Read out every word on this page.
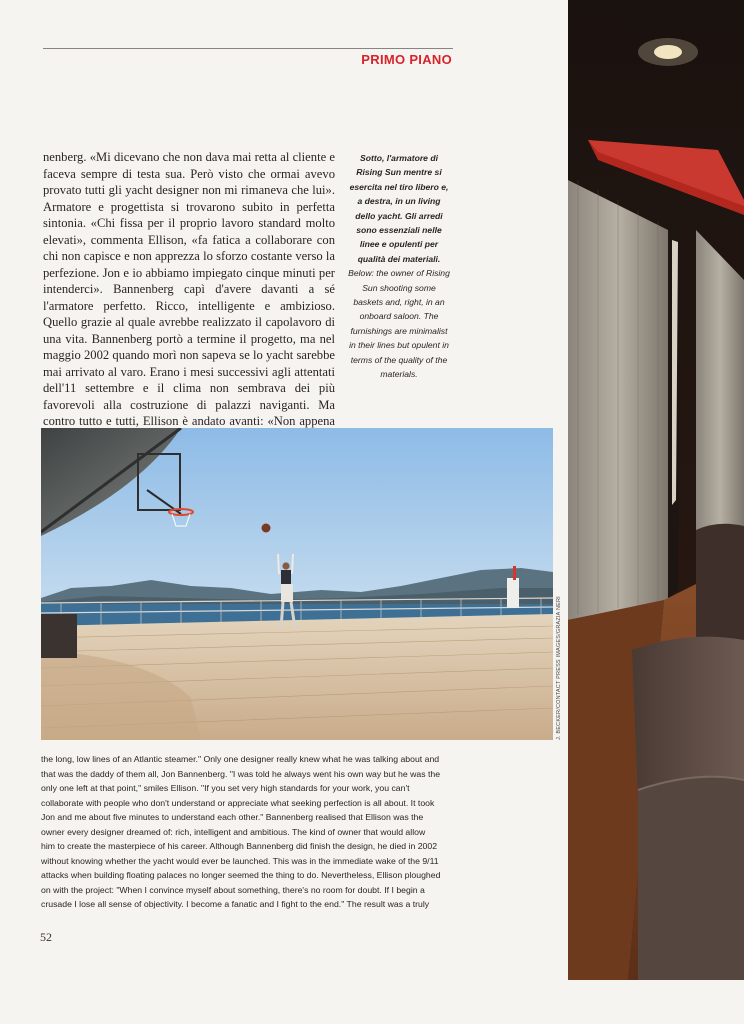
PRIMO PIANO

nenberg. «Mi dicevano che non dava mai retta al cliente e faceva sempre di testa sua. Però visto che ormai avevo provato tutti gli yacht designer non mi rimaneva che lui». Armatore e progettista si trovarono subito in perfetta sintonia. «Chi fissa per il proprio lavoro standard molto elevati», commenta Ellison, «fa fatica a collaborare con chi non capisce e non apprezza lo sforzo costante verso la perfezione. Jon e io abbiamo impiegato cinque minuti per intenderci». Bannenberg capì d'avere davanti a sé l'armatore perfetto. Ricco, intelligente e ambizioso. Quello grazie al quale avrebbe realizzato il capolavoro di una vita. Bannenberg portò a termine il progetto, ma nel maggio 2002 quando morì non sapeva se lo yacht sarebbe mai arrivato al varo. Erano i mesi successivi agli attentati dell'11 settembre e il clima non sembrava dei più favorevoli alla costruzione di palazzi naviganti. Ma contro tutto e tutti, Ellison è andato avanti: «Non appena

Sotto, l'armatore di Rising Sun mentre si esercita nel tiro libero e, a destra, in un living dello yacht. Gli arredi sono essenziali nelle linee e opulenti per qualità dei materiali. Below: the owner of Rising Sun shooting some baskets and, right, in an onboard saloon. The furnishings are minimalist in their lines but opulent in terms of the quality of the materials.
J. BECKER/CONTACT PRESS IMAGES/GRAZIA NERI

the long, low lines of an Atlantic steamer." Only one designer really knew what he was talking about and that was the daddy of them all, Jon Bannenberg. "I was told he always went his own way but he was the only one left at that point," smiles Ellison. "If you set very high standards for your work, you can't collaborate with people who don't understand or appreciate what seeking perfection is all about. It took Jon and me about five minutes to understand each other." Bannenberg realised that Ellison was the owner every designer dreamed of: rich, intelligent and ambitious. The kind of owner that would allow him to create the masterpiece of his career. Although Bannenberg did finish the design, he died in 2002 without knowing whether the yacht would ever be launched. This was in the immediate wake of the 9/11 attacks when building floating palaces no longer seemed the thing to do. Nevertheless, Ellison ploughed on with the project: "When I convince myself about something, there's no room for doubt. If I begin a crusade I lose all sense of objectivity. I become a fanatic and I fight to the end." The result was a truly

52
